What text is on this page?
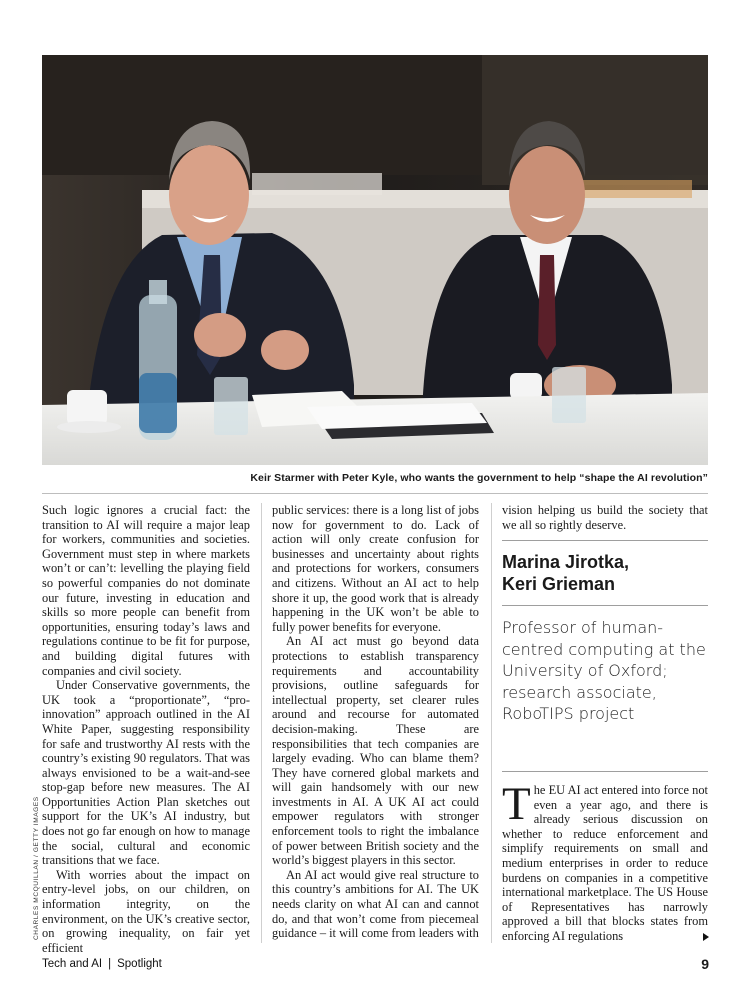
Keir Starmer with Peter Kyle, who wants the government to help “shape the AI revolution”
CHARLES MCQUILLAN / GETTY IMAGES

Such logic ignores a crucial fact: the transition to AI will require a major leap for workers, communities and societies. Government must step in where markets won’t or can’t: levelling the playing field so powerful companies do not dominate our future, investing in education and skills so more people can benefit from opportunities, ensuring today’s laws and regulations continue to be fit for purpose, and building digital futures with companies and civil society.

Under Conservative governments, the UK took a “proportionate”, “pro-innovation” approach outlined in the AI White Paper, suggesting responsibility for safe and trustworthy AI rests with the country’s existing 90 regulators. That was always envisioned to be a wait-and-see stop-gap before new measures. The AI Opportunities Action Plan sketches out support for the UK’s AI industry, but does not go far enough on how to manage the social, cultural and economic transitions that we face.

With worries about the impact on entry-level jobs, on our children, on information integrity, on the environment, on the UK’s creative sector, on growing inequality, on fair yet efficient

public services: there is a long list of jobs now for government to do. Lack of action will only create confusion for businesses and uncertainty about rights and protections for workers, consumers and citizens. Without an AI act to help shore it up, the good work that is already happening in the UK won’t be able to fully power benefits for everyone.

An AI act must go beyond data protections to establish transparency requirements and accountability provisions, outline safeguards for intellectual property, set clearer rules around and recourse for automated decision-making. These are responsibilities that tech companies are largely evading. Who can blame them? They have cornered global markets and will gain handsomely with our new investments in AI. A UK AI act could empower regulators with stronger enforcement tools to right the imbalance of power between British society and the world’s biggest players in this sector.

An AI act would give real structure to this country’s ambitions for AI. The UK needs clarity on what AI can and cannot do, and that won’t come from piecemeal guidance – it will come from leaders with

vision helping us build the society that we all so rightly deserve.

Marina Jirotka,
Keri Grieman
Professor of human-centred computing at the University of Oxford; research associate, RoboTIPS project

The EU AI act entered into force not even a year ago, and there is already serious discussion on whether to reduce enforcement and simplify requirements on small and medium enterprises in order to reduce burdens on companies in a competitive international marketplace. The US House of Representatives has narrowly approved a bill that blocks states from enforcing AI regulations

Tech and AI | Spotlight	9
